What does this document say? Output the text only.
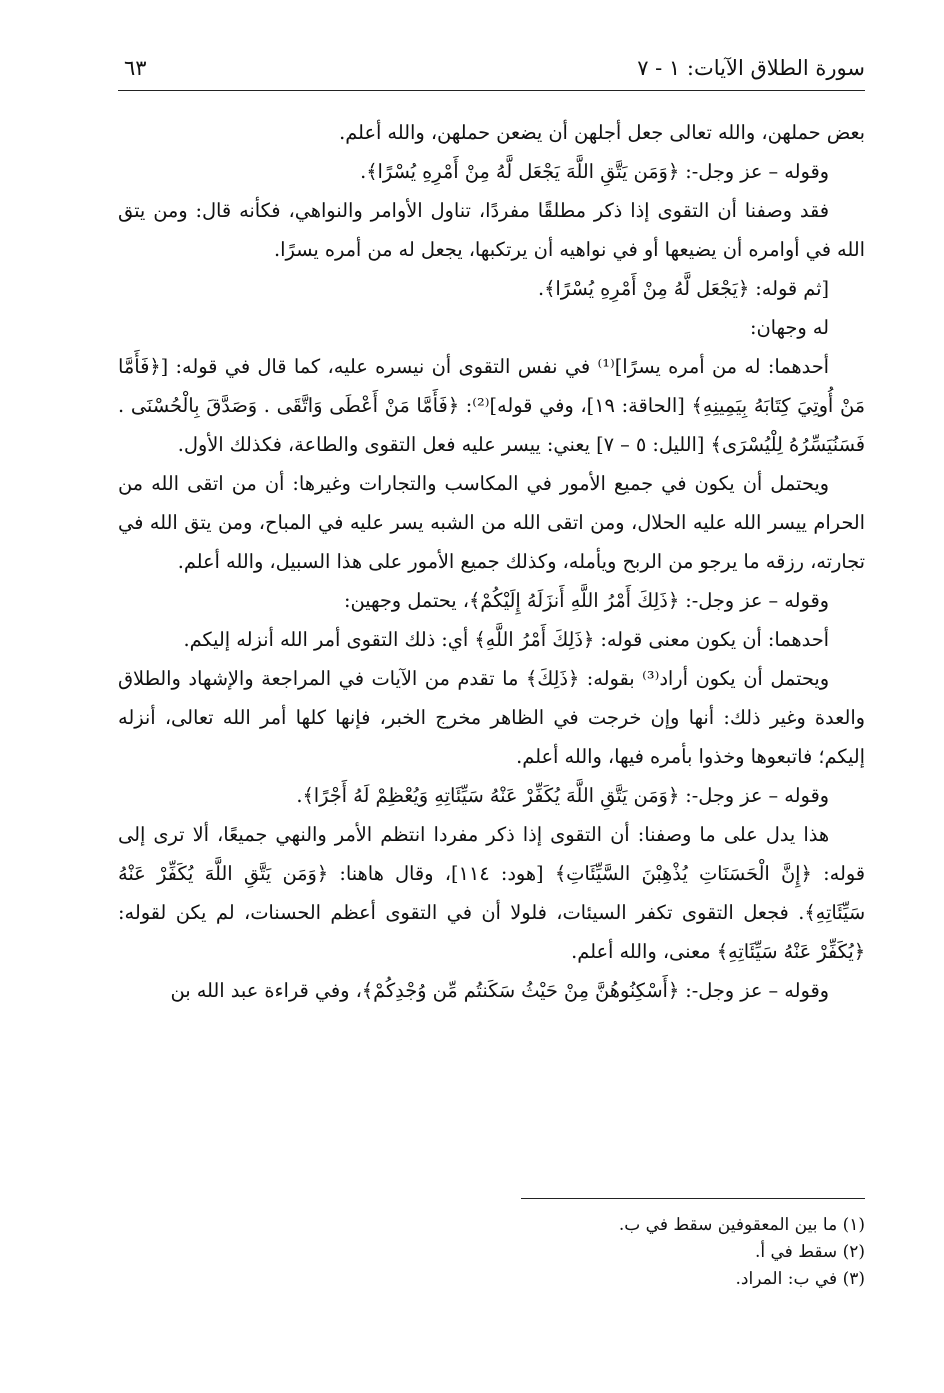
سورة الطلاق الآيات: ١ - ٧
٦٣

بعض حملهن، والله تعالى جعل أجلهن أن يضعن حملهن، والله أعلم.

وقوله – عز وجل-: ﴿وَمَن يَتَّقِ اللَّهَ يَجْعَل لَّهُ مِنْ أَمْرِهِ يُسْرًا﴾.

فقد وصفنا أن التقوى إذا ذكر مطلقًا مفردًا، تناول الأوامر والنواهي، فكأنه قال: ومن يتق الله في أوامره أن يضيعها أو في نواهيه أن يرتكبها، يجعل له من أمره يسرًا.

[ثم قوله: ﴿يَجْعَل لَّهُ مِنْ أَمْرِهِ يُسْرًا﴾.

له وجهان:

أحدهما: له من أمره يسرًا]⁽¹⁾ في نفس التقوى أن نيسره عليه، كما قال في قوله: [﴿فَأَمَّا مَنْ أُوتِيَ كِتَابَهُ بِيَمِينِهِ﴾ [الحاقة: ١٩]، وفي قوله]⁽²⁾: ﴿فَأَمَّا مَنْ أَعْطَى وَاتَّقَى . وَصَدَّقَ بِالْحُسْنَى . فَسَنُيَسِّرُهُ لِلْيُسْرَى﴾ [الليل: ٥ – ٧] يعني: ييسر عليه فعل التقوى والطاعة، فكذلك الأول.

ويحتمل أن يكون في جميع الأمور في المكاسب والتجارات وغيرها: أن من اتقى الله من الحرام ييسر الله عليه الحلال، ومن اتقى الله من الشبه يسر عليه في المباح، ومن يتق الله في تجارته، رزقه ما يرجو من الربح ويأمله، وكذلك جميع الأمور على هذا السبيل، والله أعلم.

وقوله – عز وجل-: ﴿ذَلِكَ أَمْرُ اللَّهِ أَنزَلَهُ إِلَيْكُمْ﴾، يحتمل وجهين:

أحدهما: أن يكون معنى قوله: ﴿ذَلِكَ أَمْرُ اللَّهِ﴾ أي: ذلك التقوى أمر الله أنزله إليكم.

ويحتمل أن يكون أراد⁽³⁾ بقوله: ﴿ذَلِكَ﴾ ما تقدم من الآيات في المراجعة والإشهاد والطلاق والعدة وغير ذلك: أنها وإن خرجت في الظاهر مخرج الخبر، فإنها كلها أمر الله تعالى، أنزله إليكم؛ فاتبعوها وخذوا بأمره فيها، والله أعلم.

وقوله – عز وجل-: ﴿وَمَن يَتَّقِ اللَّهَ يُكَفِّرْ عَنْهُ سَيِّئَاتِهِ وَيُعْظِمْ لَهُ أَجْرًا﴾.

هذا يدل على ما وصفنا: أن التقوى إذا ذكر مفردا انتظم الأمر والنهي جميعًا، ألا ترى إلى قوله: ﴿إِنَّ الْحَسَنَاتِ يُذْهِبْنَ السَّيِّئَاتِ﴾ [هود: ١١٤]، وقال هاهنا: ﴿وَمَن يَتَّقِ اللَّهَ يُكَفِّرْ عَنْهُ سَيِّئَاتِهِ﴾. فجعل التقوى تكفر السيئات، فلولا أن في التقوى أعظم الحسنات، لم يكن لقوله: ﴿يُكَفِّرْ عَنْهُ سَيِّئَاتِهِ﴾ معنى، والله أعلم.

وقوله – عز وجل-: ﴿أَسْكِنُوهُنَّ مِنْ حَيْثُ سَكَنتُم مِّن وُجْدِكُمْ﴾، وفي قراءة عبد الله بن

(١) ما بين المعقوفين سقط في ب.
(٢) سقط في أ.
(٣) في ب: المراد.
